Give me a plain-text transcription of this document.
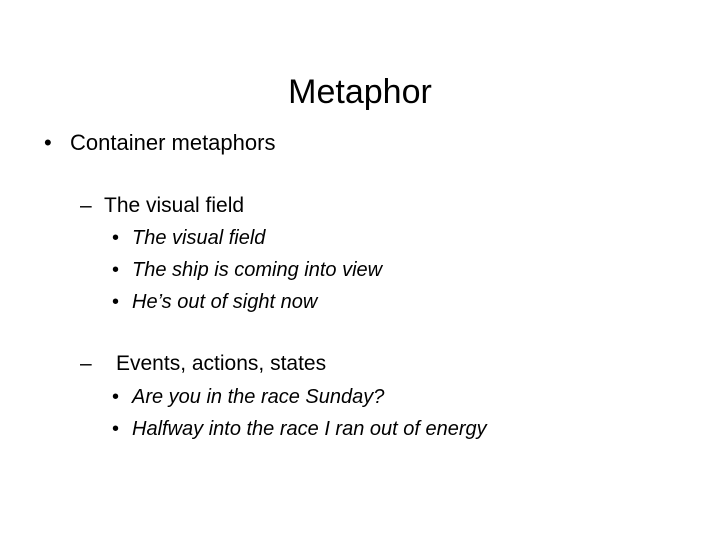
Metaphor
• Container metaphors
– The visual field
• The visual field
• The ship is coming into view
• He’s out of sight now
– Events, actions, states
• Are you in the race Sunday?
• Halfway into the race I ran out of energy
